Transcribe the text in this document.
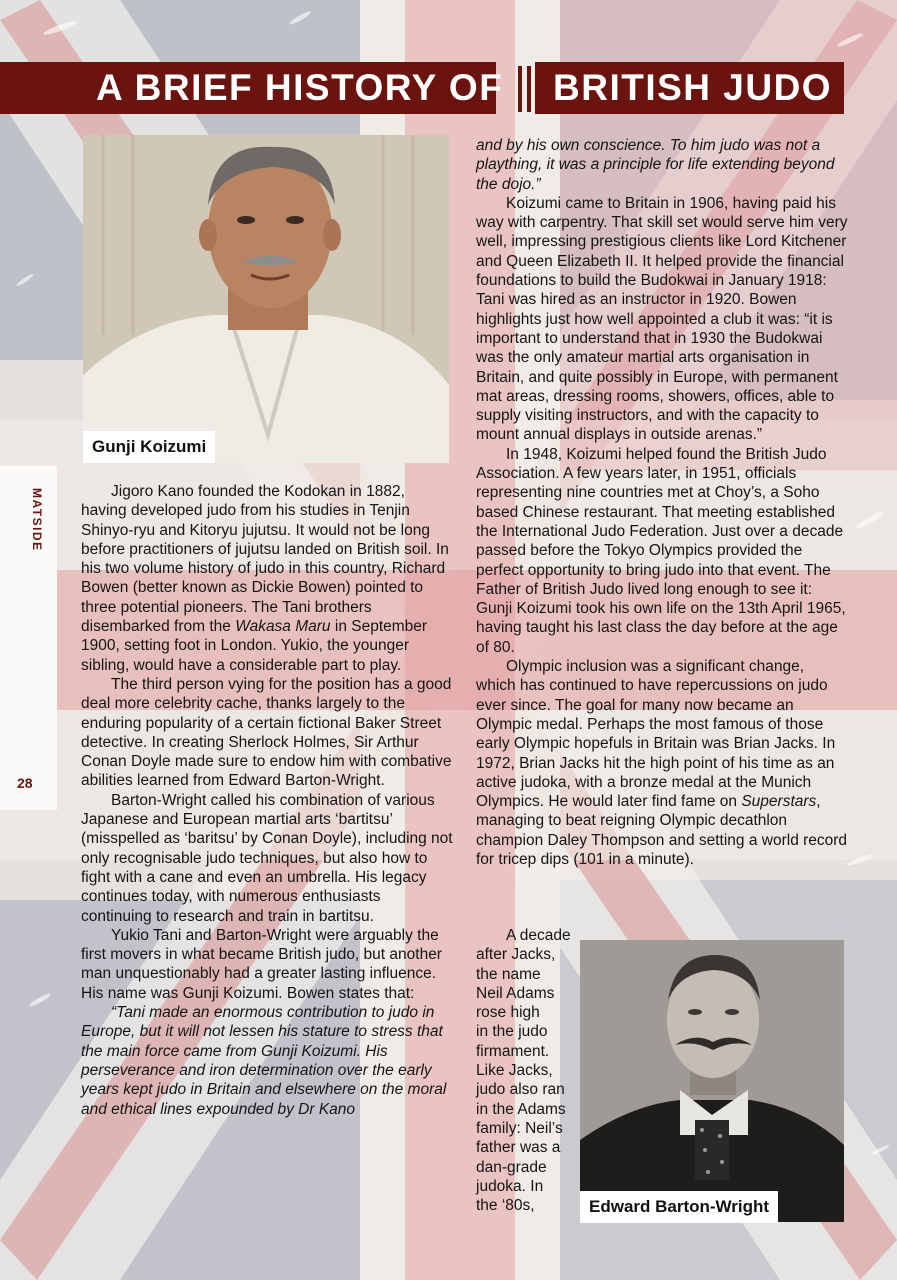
A BRIEF HISTORY OF	BRITISH JUDO
MATSIDE
28
Gunji Koizumi
Edward Barton-Wright

Jigoro Kano founded the Kodokan in 1882, having developed judo from his studies in Tenjin Shinyo-ryu and Kitoryu jujutsu. It would not be long before practitioners of jujutsu landed on British soil. In his two volume history of judo in this country, Richard Bowen (better known as Dickie Bowen) pointed to three potential pioneers. The Tani brothers disembarked from the Wakasa Maru in September 1900, setting foot in London. Yukio, the younger sibling, would have a considerable part to play.

The third person vying for the position has a good deal more celebrity cache, thanks largely to the enduring popularity of a certain fictional Baker Street detective. In creating Sherlock Holmes, Sir Arthur Conan Doyle made sure to endow him with combative abilities learned from Edward Barton-Wright.

Barton-Wright called his combination of various Japanese and European martial arts ‘bartitsu’ (misspelled as ‘baritsu’ by Conan Doyle), including not only recognisable judo techniques, but also how to fight with a cane and even an umbrella. His legacy continues today, with numerous enthusiasts continuing to research and train in bartitsu.

Yukio Tani and Barton-Wright were arguably the first movers in what became British judo, but another man unquestionably had a greater lasting influence. His name was Gunji Koizumi. Bowen states that:

“Tani made an enormous contribution to judo in Europe, but it will not lessen his stature to stress that the main force came from Gunji Koizumi. His perseverance and iron determination over the early years kept judo in Britain and elsewhere on the moral and ethical lines expounded by Dr Kano

and by his own conscience. To him judo was not a plaything, it was a principle for life extending beyond the dojo.”

Koizumi came to Britain in 1906, having paid his way with carpentry. That skill set would serve him very well, impressing prestigious clients like Lord Kitchener and Queen Elizabeth II. It helped provide the financial foundations to build the Budokwai in January 1918: Tani was hired as an instructor in 1920. Bowen highlights just how well appointed a club it was: “it is important to understand that in 1930 the Budokwai was the only amateur martial arts organisation in Britain, and quite possibly in Europe, with permanent mat areas, dressing rooms, showers, offices, able to supply visiting instructors, and with the capacity to mount annual displays in outside arenas.”

In 1948, Koizumi helped found the British Judo Association. A few years later, in 1951, officials representing nine countries met at Choy’s, a Soho based Chinese restaurant. That meeting established the International Judo Federation. Just over a decade passed before the Tokyo Olympics provided the perfect opportunity to bring judo into that event. The Father of British Judo lived long enough to see it: Gunji Koizumi took his own life on the 13th April 1965, having taught his last class the day before at the age of 80.

Olympic inclusion was a significant change, which has continued to have repercussions on judo ever since. The goal for many now became an Olympic medal. Perhaps the most famous of those early Olympic hopefuls in Britain was Brian Jacks. In 1972, Brian Jacks hit the high point of his time as an active judoka, with a bronze medal at the Munich Olympics. He would later find fame on Superstars, managing to beat reigning Olympic decathlon champion Daley Thompson and setting a world record for tricep dips (101 in a minute).

A decade
after Jacks,
the name
Neil Adams
rose high
in the judo
firmament.
Like Jacks,
judo also ran
in the Adams
family: Neil’s
father was a
dan-grade
judoka. In
the ‘80s,
